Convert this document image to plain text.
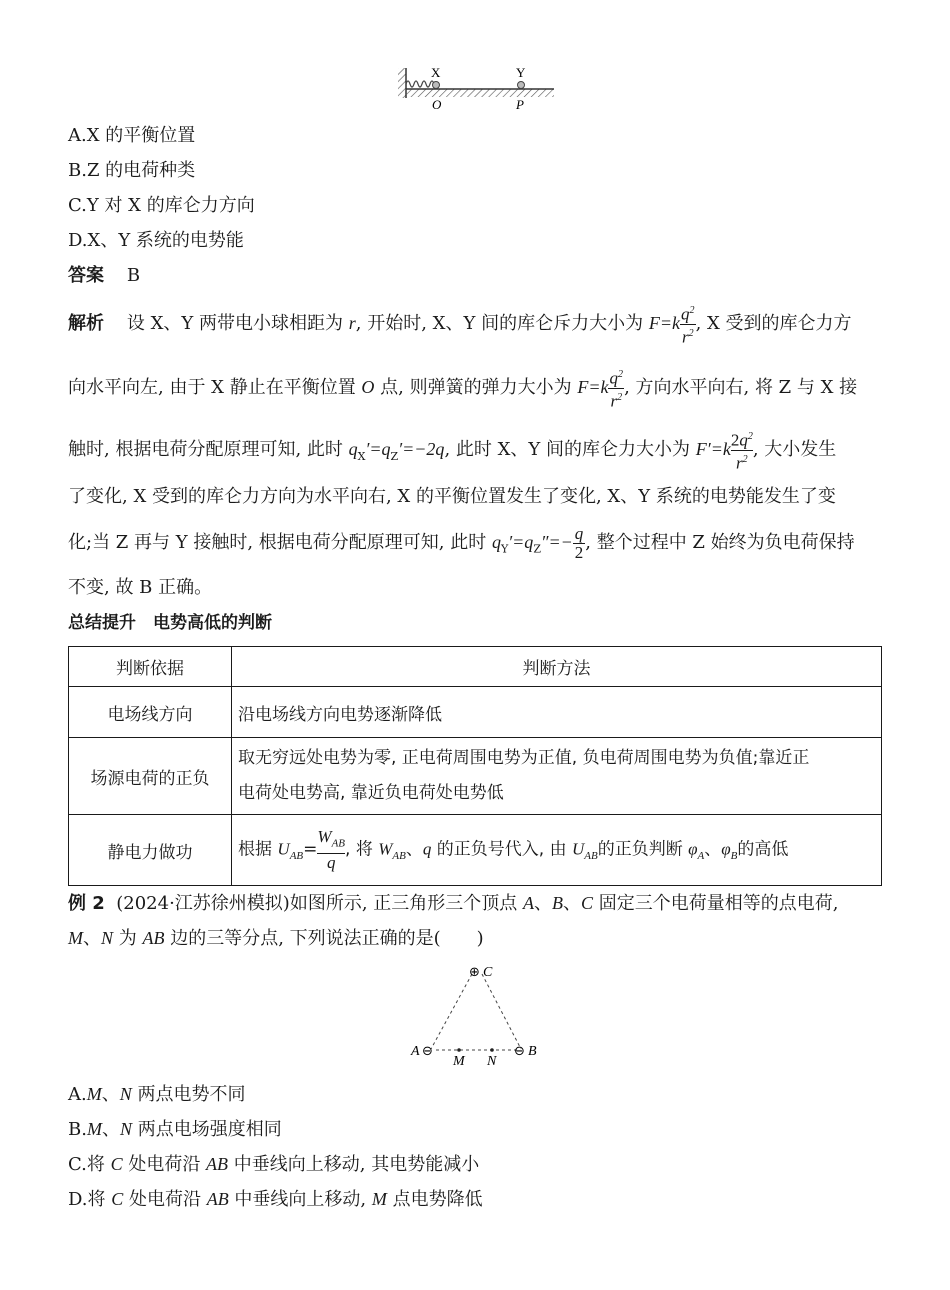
X	Y
O	P
A.X 的平衡位置
B.Z 的电荷种类
C.Y 对 X 的库仑力方向
D.X、Y 系统的电势能
答案 B
解析 设 X、Y 两带电小球相距为 r, 开始时, X、Y 间的库仑斥力大小为 $F=k \frac{q^2}{r^2}$ , X 受到的库仑力方
向水平向左, 由于 X 静止在平衡位置 O 点, 则弹簧的弹力大小为 $F=k \frac{q^2}{r^2}$ , 方向水平向右, 将 Z 与 X 接
触时, 根据电荷分配原理可知, 此时 $q_X'=q_Z'=-2q$, 此时 X、Y 间的库仑力大小为 $F'=k \frac{2q^2}{r^2}$ , 大小发生
了变化, X 受到的库仑力方向为水平向右, X 的平衡位置发生了变化, X、Y 系统的电势能发生了变
化;当 Z 再与 Y 接触时, 根据电荷分配原理可知, 此时 $q_Y'=q_Z''=- \frac{q}{2}$ , 整个过程中 Z 始终为负电荷保持
不变, 故 B 正确。
总结提升　电势高低的判断
判断依据	判断方法
电场线方向	沿电场线方向电势逐渐降低
场源电荷的正负	取无穷远处电势为零, 正电荷周围电势为正值, 负电荷周围电势为负值;靠近正
电荷处电势高, 靠近负电荷处电势低

静电力做功	根据 $U_{AB}= \frac{W_{AB}}{q}$ , 将 $W_{AB}$、q 的正负号代入, 由 $U_{AB}$的正负判断 $\varphi_A$、$\varphi_B$的高低
例 2 (2024·江苏徐州模拟)如图所示, 正三角形三个顶点 A、B、C 固定三个电荷量相等的点电荷,
M、N 为 AB 边的三等分点, 下列说法正确的是(　　)
⊕ C
A ⊖	⊖ B
M N
A.M、N 两点电势不同
B.M、N 两点电场强度相同
C.将 C 处电荷沿 AB 中垂线向上移动, 其电势能减小
D.将 C 处电荷沿 AB 中垂线向上移动, M 点电势降低
